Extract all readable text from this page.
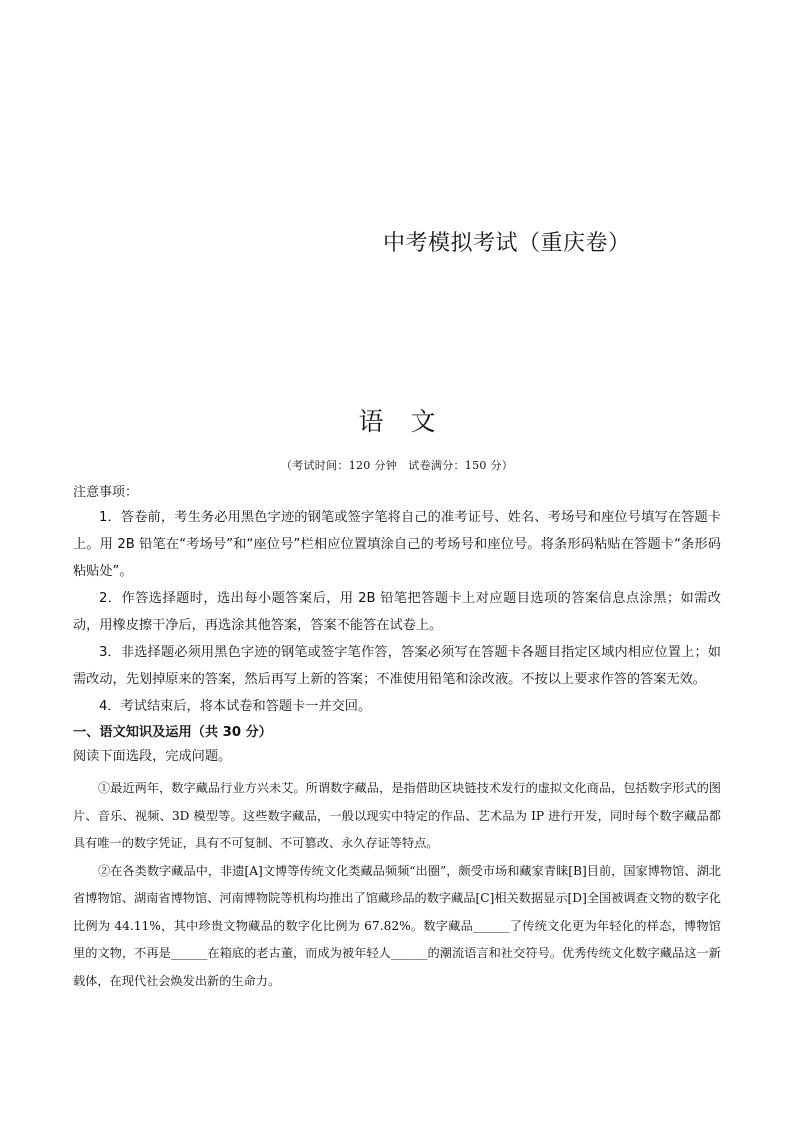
中考模拟考试（重庆卷）
语文
（考试时间：120 分钟　试卷满分：150 分）
注意事项：

1．答卷前，考生务必用黑色字迹的钢笔或签字笔将自己的准考证号、姓名、考场号和座位号填写在答题卡上。用 2B 铅笔在“考场号”和“座位号”栏相应位置填涂自己的考场号和座位号。将条形码粘贴在答题卡“条形码粘贴处”。

2．作答选择题时，选出每小题答案后，用 2B 铅笔把答题卡上对应题目选项的答案信息点涂黑；如需改动，用橡皮擦干净后，再选涂其他答案，答案不能答在试卷上。

3．非选择题必须用黑色字迹的钢笔或签字笔作答，答案必须写在答题卡各题目指定区域内相应位置上；如需改动，先划掉原来的答案，然后再写上新的答案；不准使用铅笔和涂改液。不按以上要求作答的答案无效。

4．考试结束后，将本试卷和答题卡一并交回。

一、语文知识及运用（共 30 分）
阅读下面选段，完成问题。

①最近两年，数字藏品行业方兴未艾。所谓数字藏品，是指借助区块链技术发行的虚拟文化商品，包括数字形式的图片、音乐、视频、3D 模型等。这些数字藏品，一般以现实中特定的作品、艺术品为 IP 进行开发，同时每个数字藏品都具有唯一的数字凭证，具有不可复制、不可篡改、永久存证等特点。

②在各类数字藏品中，非遗[A]文博等传统文化类藏品频频“出圈”，颇受市场和藏家青睐[B]目前，国家博物馆、湖北省博物馆、湖南省博物馆、河南博物院等机构均推出了馆藏珍品的数字藏品[C]相关数据显示[D]全国被调查文物的数字化比例为 44.11%，其中珍贵文物藏品的数字化比例为 67.82%。数字藏品______了传统文化更为年轻化的样态，博物馆里的文物，不再是______在箱底的老古董，而成为被年轻人______的潮流语言和社交符号。优秀传统文化数字藏品这一新载体，在现代社会焕发出新的生命力。
